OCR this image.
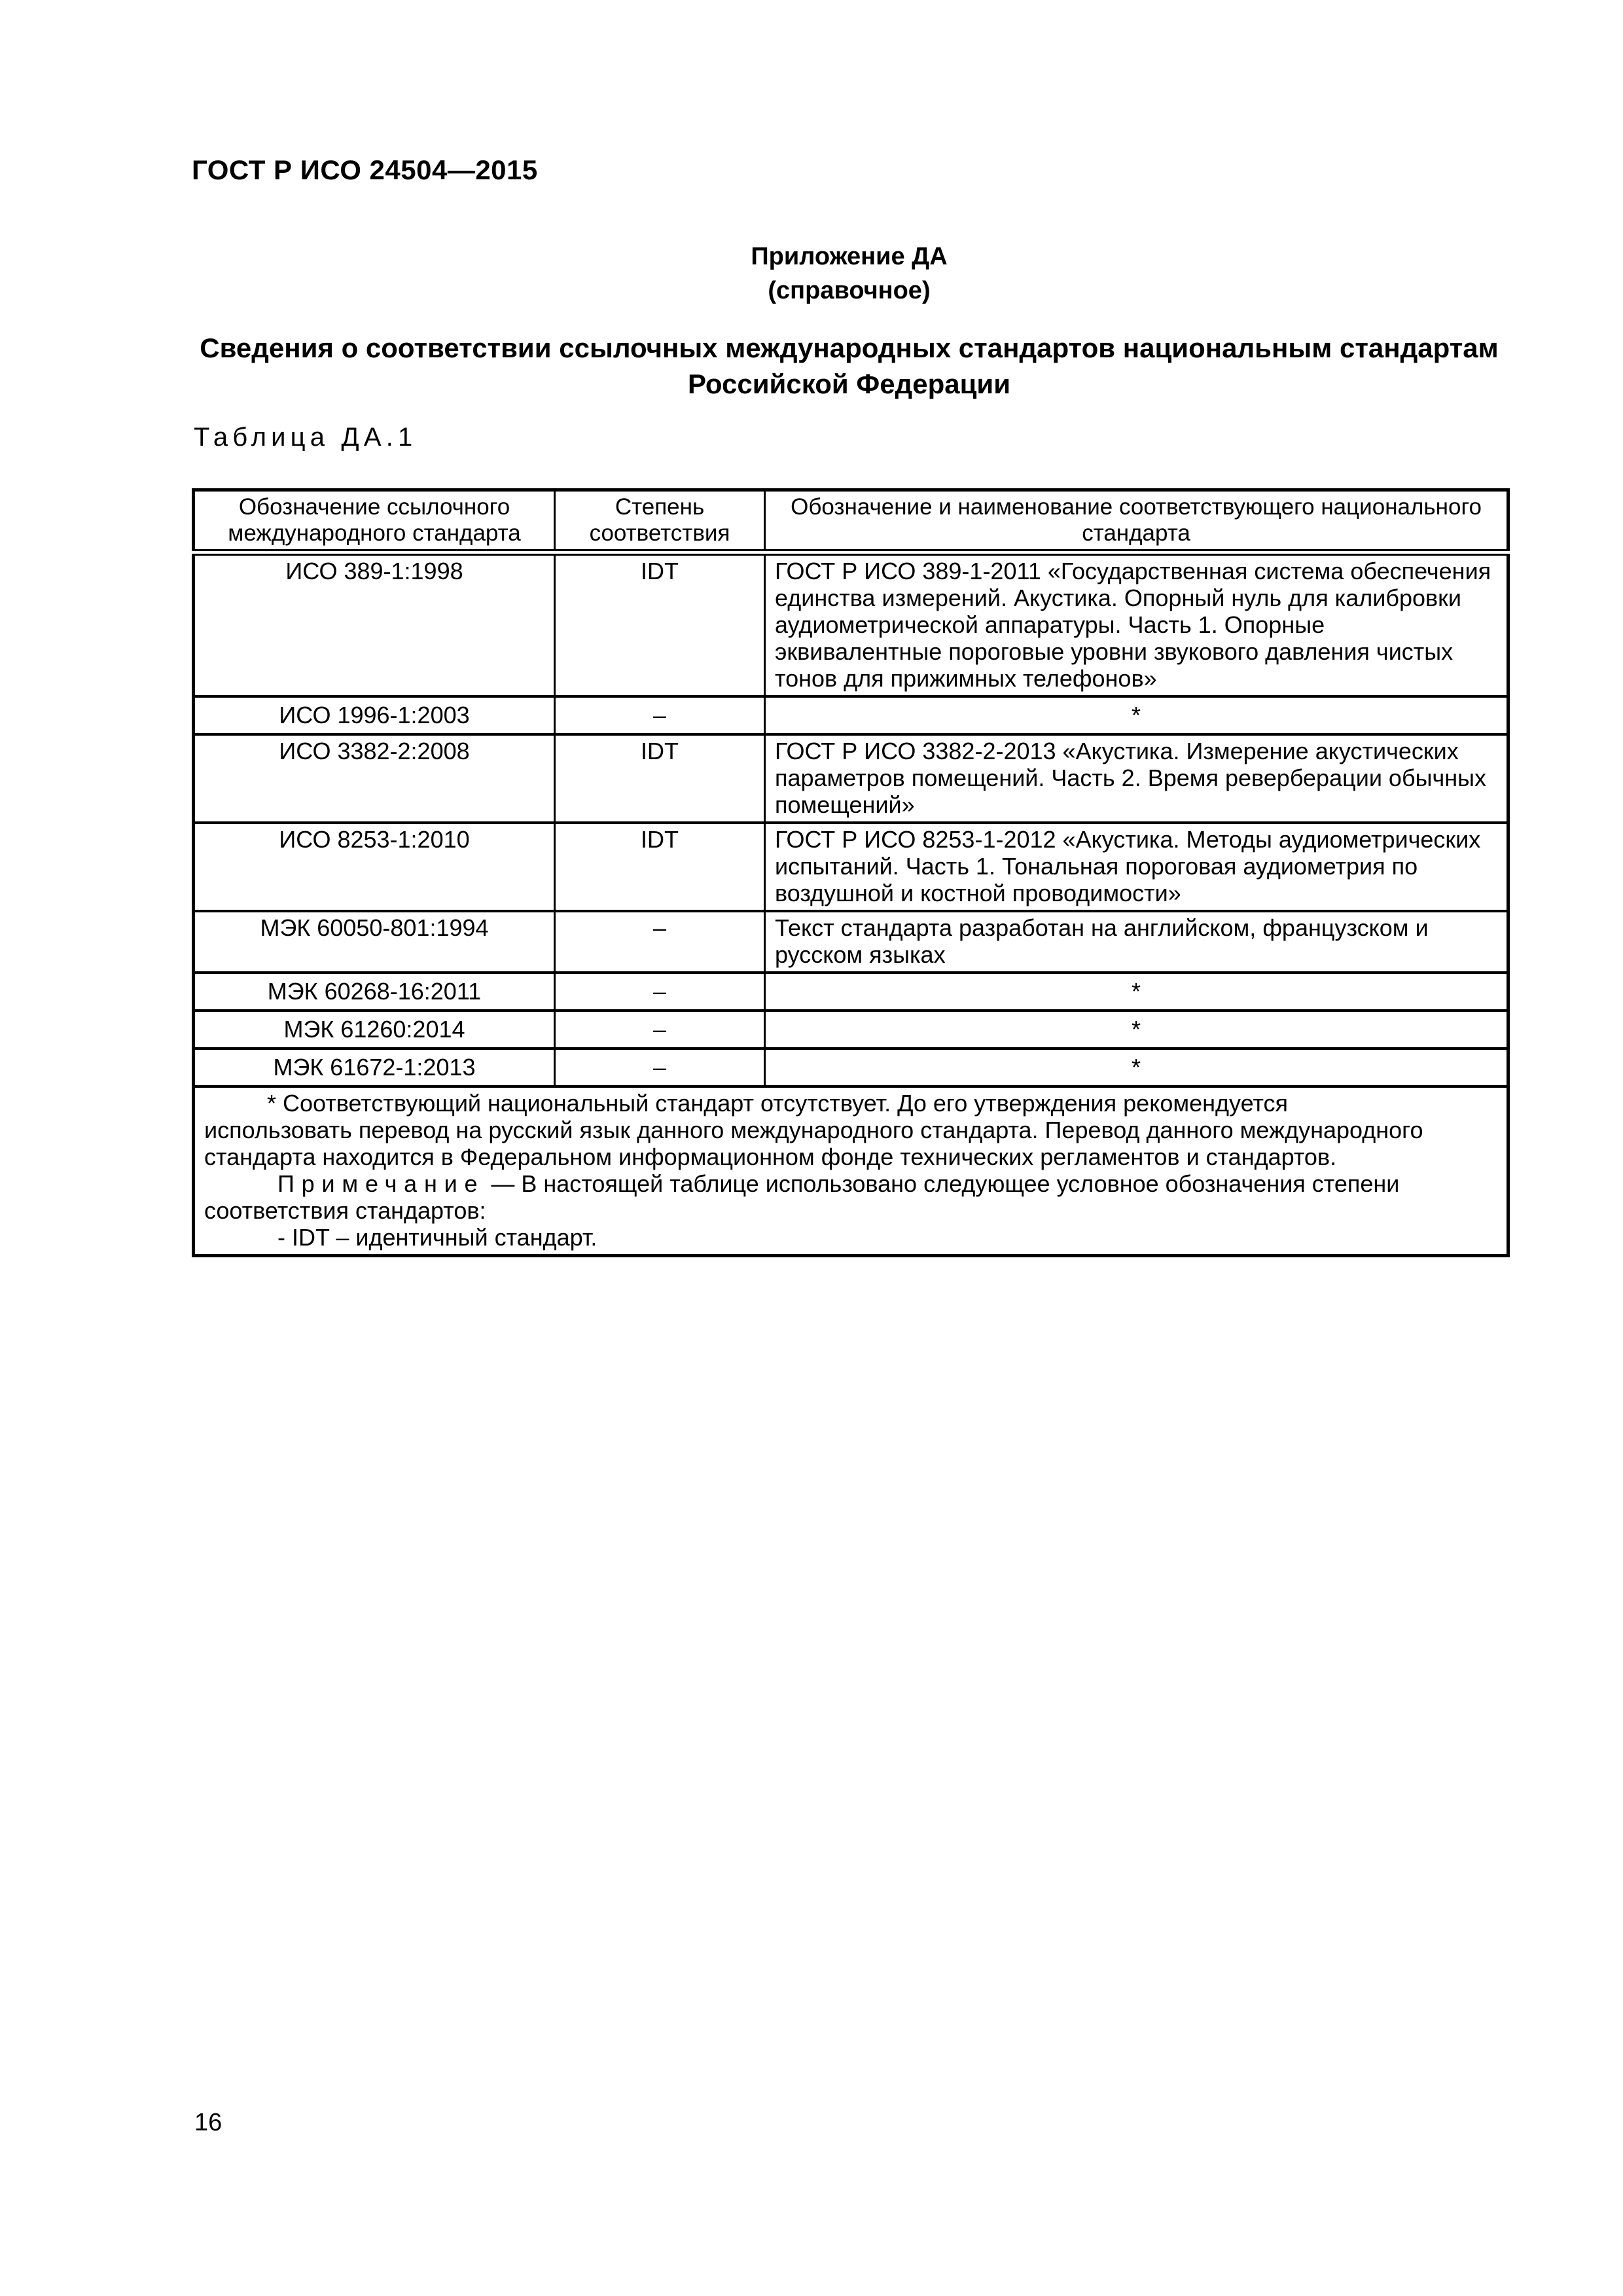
ГОСТ Р ИСО 24504—2015
Приложение ДА
(справочное)
Сведения о соответствии ссылочных международных стандартов национальным стандартам Российской Федерации
Таблица ДА.1
Обозначение ссылочного международного стандарта	Степень соответствия	Обозначение и наименование соответствующего национального стандарта
ИСО 389-1:1998	IDT	ГОСТ Р ИСО 389-1-2011 «Государственная система обеспечения единства измерений. Акустика. Опорный нуль для калибровки аудиометрической аппаратуры. Часть 1. Опорные эквивалентные пороговые уровни звукового давления чистых тонов для прижимных телефонов»
ИСО 1996-1:2003	–	*
ИСО 3382-2:2008	IDT	ГОСТ Р ИСО 3382-2-2013 «Акустика. Измерение акустических параметров помещений. Часть 2. Время реверберации обычных помещений»
ИСО 8253-1:2010	IDT	ГОСТ Р ИСО 8253-1-2012 «Акустика. Методы аудиометрических испытаний. Часть 1. Тональная пороговая аудиометрия по воздушной и костной проводимости»
МЭК 60050-801:1994	–	Текст стандарта разработан на английском, французском и русском языках
МЭК 60268-16:2011	–	*
МЭК 61260:2014	–	*
МЭК 61672-1:2013	–	*

* Соответствующий национальный стандарт отсутствует. До его утверждения рекомендуется
использовать перевод на русский язык данного международного стандарта. Перевод данного международного стандарта находится в Федеральном информационном фонде технических регламентов и стандартов.

Примечание — В настоящей таблице использовано следующее условное обозначения степени соответствия стандартов:

- IDT – идентичный стандарт.		

16
